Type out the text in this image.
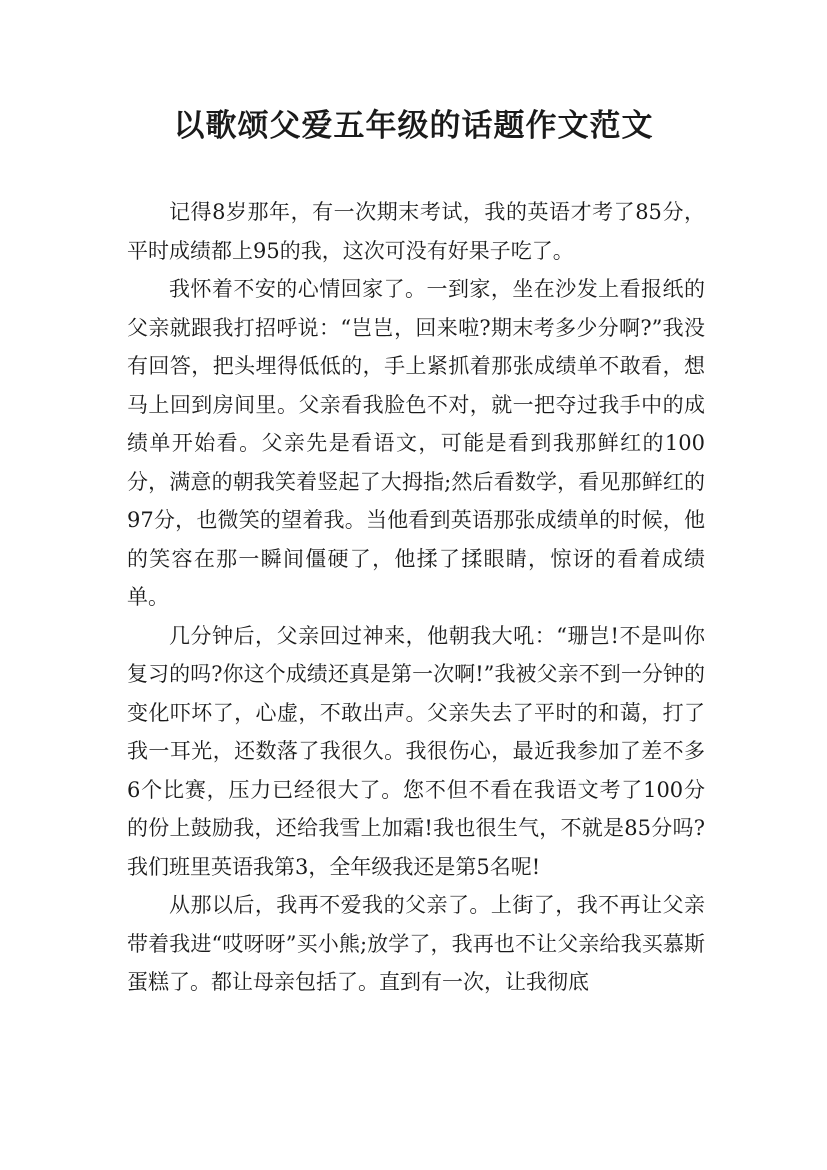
以歌颂父爱五年级的话题作文范文

记得8岁那年，有一次期末考试，我的英语才考了85分，平时成绩都上95的我，这次可没有好果子吃了。

我怀着不安的心情回家了。一到家，坐在沙发上看报纸的父亲就跟我打招呼说：“岂岂，回来啦?期末考多少分啊?”我没有回答，把头埋得低低的，手上紧抓着那张成绩单不敢看，想马上回到房间里。父亲看我脸色不对，就一把夺过我手中的成绩单开始看。父亲先是看语文，可能是看到我那鲜红的100分，满意的朝我笑着竖起了大拇指;然后看数学，看见那鲜红的97分，也微笑的望着我。当他看到英语那张成绩单的时候，他的笑容在那一瞬间僵硬了，他揉了揉眼睛，惊讶的看着成绩单。

几分钟后，父亲回过神来，他朝我大吼：“珊岂!不是叫你复习的吗?你这个成绩还真是第一次啊!”我被父亲不到一分钟的变化吓坏了，心虚，不敢出声。父亲失去了平时的和蔼，打了我一耳光，还数落了我很久。我很伤心，最近我参加了差不多6个比赛，压力已经很大了。您不但不看在我语文考了100分的份上鼓励我，还给我雪上加霜!我也很生气，不就是85分吗?我们班里英语我第3，全年级我还是第5名呢!

从那以后，我再不爱我的父亲了。上街了，我不再让父亲带着我进“哎呀呀”买小熊;放学了，我再也不让父亲给我买慕斯蛋糕了。都让母亲包括了。直到有一次，让我彻底
